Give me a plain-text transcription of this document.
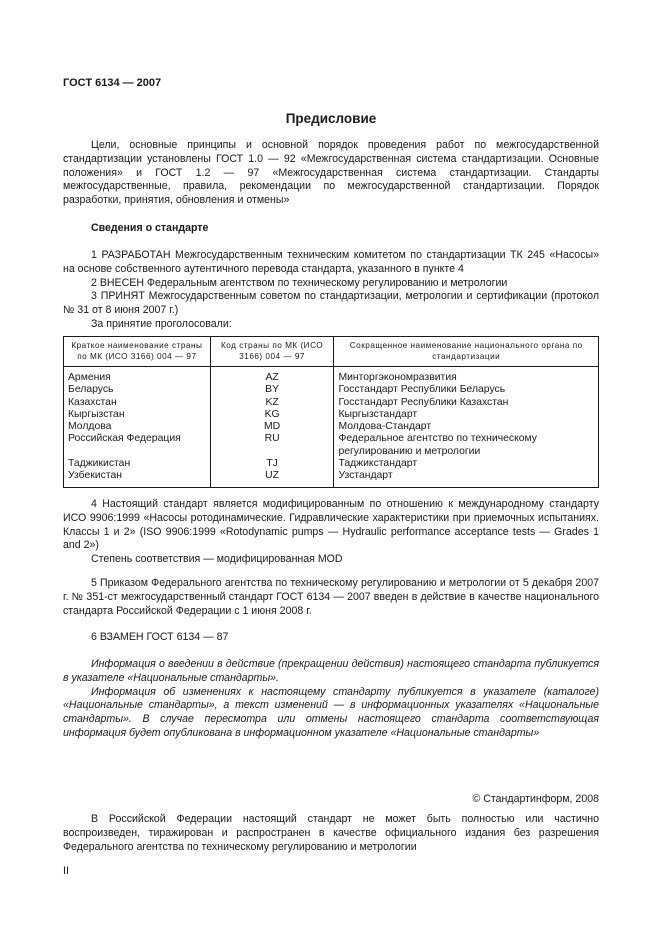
ГОСТ 6134 — 2007
Предисловие

Цели, основные принципы и основной порядок проведения работ по межгосударственной стандартизации установлены ГОСТ 1.0 — 92 «Межгосударственная система стандартизации. Основные положения» и ГОСТ 1.2 — 97 «Межгосударственная система стандартизации. Стандарты межгосударственные, правила, рекомендации по межгосударственной стандартизации. Порядок разработки, принятия, обновления и отмены»

Сведения о стандарте

1 РАЗРАБОТАН Межгосударственным техническим комитетом по стандартизации ТК 245 «Насосы» на основе собственного аутентичного перевода стандарта, указанного в пункте 4

2 ВНЕСЕН Федеральным агентством по техническому регулированию и метрологии

3 ПРИНЯТ Межгосударственным советом по стандартизации, метрологии и сертификации (протокол № 31 от 8 июня 2007 г.)

За принятие проголосовали:

Краткое наименование страны по МК (ИСО 3166) 004 — 97	Код страны по МК (ИСО 3166) 004 — 97	Сокращенное наименование национального органа по стандартизации
Армения	AZ	Минторгэкономразвития
Беларусь	BY	Госстандарт Республики Беларусь
Казахстан	KZ	Госстандарт Республики Казахстан
Кыргызстан	KG	Кыргызстандарт
Молдова	MD	Молдова-Стандарт
Российская Федерация	RU	Федеральное агентство по техническому регулированию и метрологии
Таджикистан	TJ	Таджикстандарт
Узбекистан	UZ	Узстандарт

4 Настоящий стандарт является модифицированным по отношению к международному стандарту ИСО 9906:1999 «Насосы ротодинамические. Гидравлические характеристики при приемочных испытаниях. Классы 1 и 2» (ISO 9906:1999 «Rotodynamic pumps — Hydraulic performance acceptance tests — Grades 1 and 2»)

Степень соответствия — модифицированная MOD

5 Приказом Федерального агентства по техническому регулированию и метрологии от 5 декабря 2007 г. № 351-ст межгосударственный стандарт ГОСТ 6134 — 2007 введен в действие в качестве национального стандарта Российской Федерации с 1 июня 2008 г.

6 ВЗАМЕН ГОСТ 6134 — 87

Информация о введении в действие (прекращении действия) настоящего стандарта публикуется в указателе «Национальные стандарты».

Информация об изменениях к настоящему стандарту публикуется в указателе (каталоге) «Национальные стандарты», а текст изменений — в информационных указателях «Национальные стандарты». В случае пересмотра или отмены настоящего стандарта соответствующая информация будет опубликована в информационном указателе «Национальные стандарты»

© Стандартинформ, 2008

В Российской Федерации настоящий стандарт не может быть полностью или частично воспроизведен, тиражирован и распространен в качестве официального издания без разрешения Федерального агентства по техническому регулированию и метрологии

II
